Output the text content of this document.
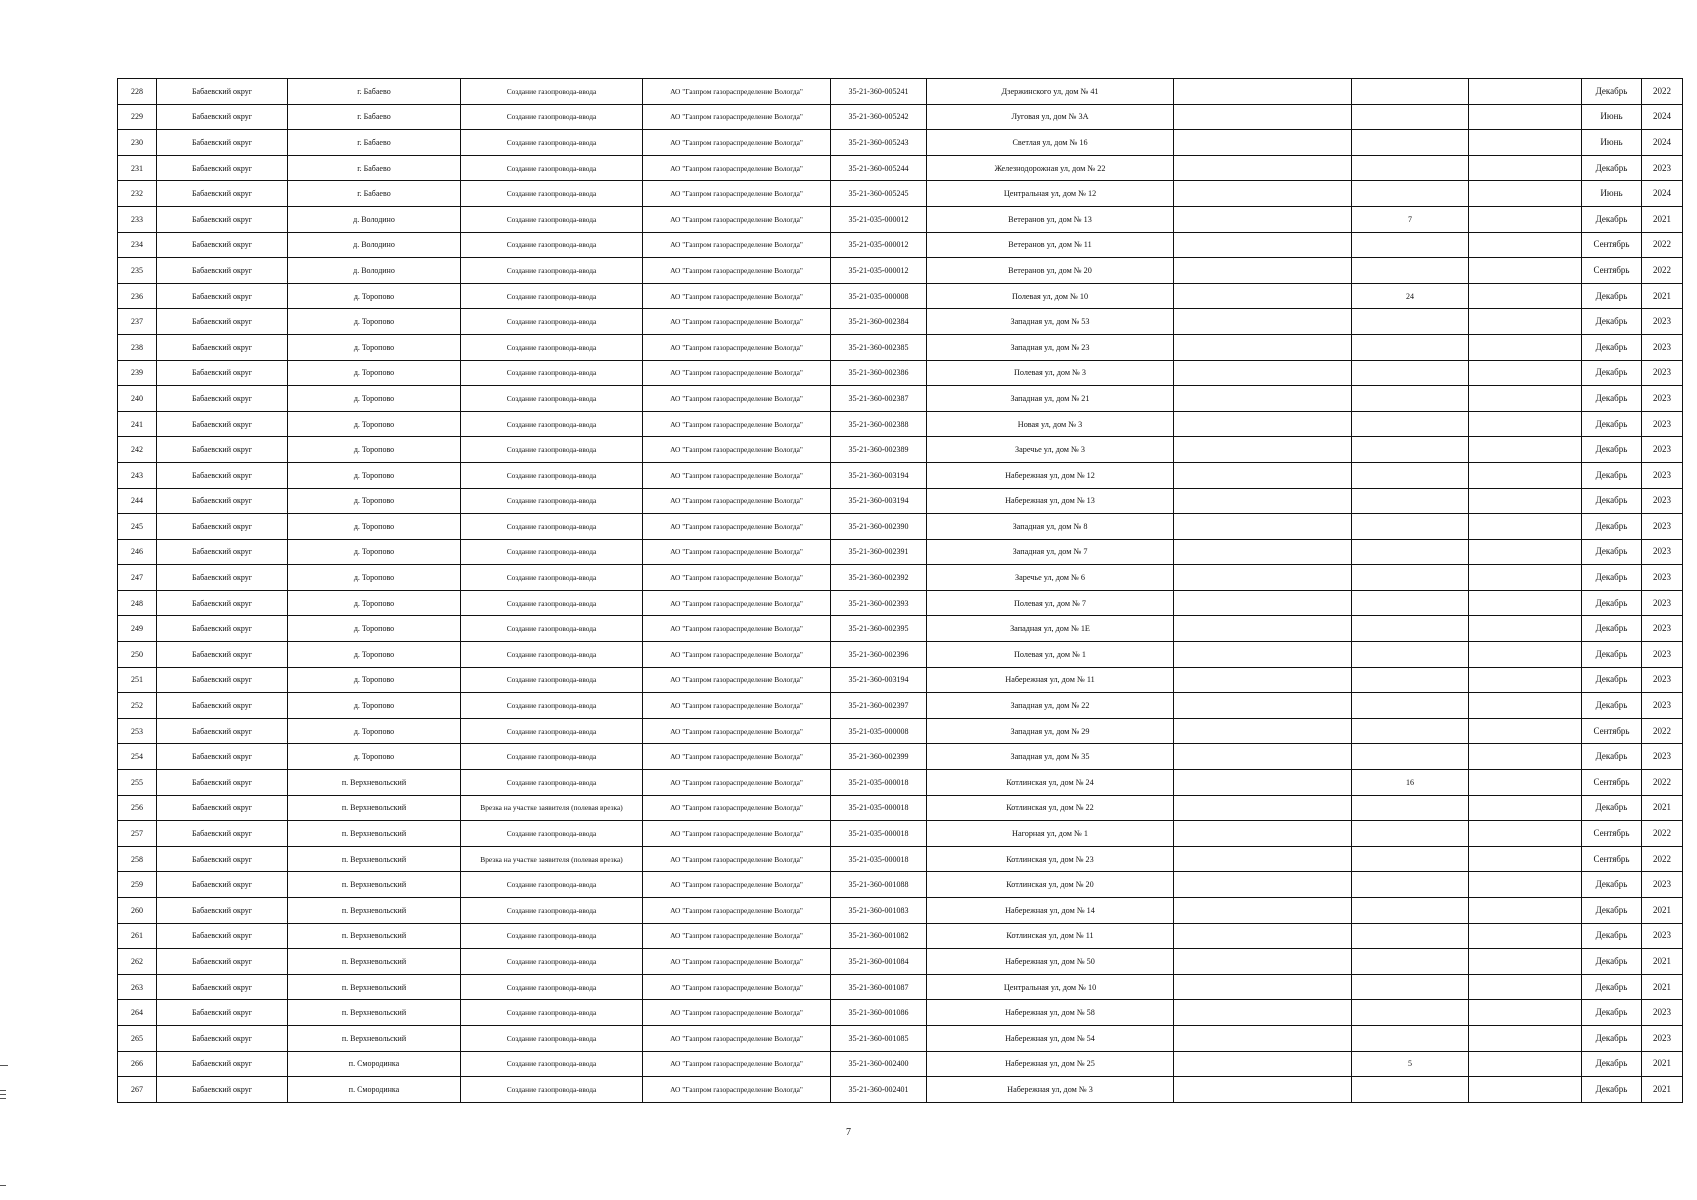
228	Бабаевский округ	г. Бабаево	Создание газопровода-ввода	АО "Газпром газораспределение Вологда"	35-21-360-005241	Дзержинского ул, дом № 41				Декабрь	2022
229	Бабаевский округ	г. Бабаево	Создание газопровода-ввода	АО "Газпром газораспределение Вологда"	35-21-360-005242	Луговая ул, дом № 3А				Июнь	2024
230	Бабаевский округ	г. Бабаево	Создание газопровода-ввода	АО "Газпром газораспределение Вологда"	35-21-360-005243	Светлая ул, дом № 16				Июнь	2024
231	Бабаевский округ	г. Бабаево	Создание газопровода-ввода	АО "Газпром газораспределение Вологда"	35-21-360-005244	Железнодорожная ул, дом № 22				Декабрь	2023
232	Бабаевский округ	г. Бабаево	Создание газопровода-ввода	АО "Газпром газораспределение Вологда"	35-21-360-005245	Центральная ул, дом № 12				Июнь	2024
233	Бабаевский округ	д. Володино	Создание газопровода-ввода	АО "Газпром газораспределение Вологда"	35-21-035-000012	Ветеранов ул, дом № 13		7		Декабрь	2021
234	Бабаевский округ	д. Володино	Создание газопровода-ввода	АО "Газпром газораспределение Вологда"	35-21-035-000012	Ветеранов ул, дом № 11				Сентябрь	2022
235	Бабаевский округ	д. Володино	Создание газопровода-ввода	АО "Газпром газораспределение Вологда"	35-21-035-000012	Ветеранов ул, дом № 20				Сентябрь	2022
236	Бабаевский округ	д. Торопово	Создание газопровода-ввода	АО "Газпром газораспределение Вологда"	35-21-035-000008	Полевая ул, дом № 10		24		Декабрь	2021
237	Бабаевский округ	д. Торопово	Создание газопровода-ввода	АО "Газпром газораспределение Вологда"	35-21-360-002384	Западная ул, дом № 53				Декабрь	2023
238	Бабаевский округ	д. Торопово	Создание газопровода-ввода	АО "Газпром газораспределение Вологда"	35-21-360-002385	Западная ул, дом № 23				Декабрь	2023
239	Бабаевский округ	д. Торопово	Создание газопровода-ввода	АО "Газпром газораспределение Вологда"	35-21-360-002386	Полевая ул, дом № 3				Декабрь	2023
240	Бабаевский округ	д. Торопово	Создание газопровода-ввода	АО "Газпром газораспределение Вологда"	35-21-360-002387	Западная ул, дом № 21				Декабрь	2023
241	Бабаевский округ	д. Торопово	Создание газопровода-ввода	АО "Газпром газораспределение Вологда"	35-21-360-002388	Новая ул, дом № 3				Декабрь	2023
242	Бабаевский округ	д. Торопово	Создание газопровода-ввода	АО "Газпром газораспределение Вологда"	35-21-360-002389	Заречье ул, дом № 3				Декабрь	2023
243	Бабаевский округ	д. Торопово	Создание газопровода-ввода	АО "Газпром газораспределение Вологда"	35-21-360-003194	Набережная ул, дом № 12				Декабрь	2023
244	Бабаевский округ	д. Торопово	Создание газопровода-ввода	АО "Газпром газораспределение Вологда"	35-21-360-003194	Набережная ул, дом № 13				Декабрь	2023
245	Бабаевский округ	д. Торопово	Создание газопровода-ввода	АО "Газпром газораспределение Вологда"	35-21-360-002390	Западная ул, дом № 8				Декабрь	2023
246	Бабаевский округ	д. Торопово	Создание газопровода-ввода	АО "Газпром газораспределение Вологда"	35-21-360-002391	Западная ул, дом № 7				Декабрь	2023
247	Бабаевский округ	д. Торопово	Создание газопровода-ввода	АО "Газпром газораспределение Вологда"	35-21-360-002392	Заречье ул, дом № 6				Декабрь	2023
248	Бабаевский округ	д. Торопово	Создание газопровода-ввода	АО "Газпром газораспределение Вологда"	35-21-360-002393	Полевая ул, дом № 7				Декабрь	2023
249	Бабаевский округ	д. Торопово	Создание газопровода-ввода	АО "Газпром газораспределение Вологда"	35-21-360-002395	Западная ул, дом № 1Е				Декабрь	2023
250	Бабаевский округ	д. Торопово	Создание газопровода-ввода	АО "Газпром газораспределение Вологда"	35-21-360-002396	Полевая ул, дом № 1				Декабрь	2023
251	Бабаевский округ	д. Торопово	Создание газопровода-ввода	АО "Газпром газораспределение Вологда"	35-21-360-003194	Набережная ул, дом № 11				Декабрь	2023
252	Бабаевский округ	д. Торопово	Создание газопровода-ввода	АО "Газпром газораспределение Вологда"	35-21-360-002397	Западная ул, дом № 22				Декабрь	2023
253	Бабаевский округ	д. Торопово	Создание газопровода-ввода	АО "Газпром газораспределение Вологда"	35-21-035-000008	Западная ул, дом № 29				Сентябрь	2022
254	Бабаевский округ	д. Торопово	Создание газопровода-ввода	АО "Газпром газораспределение Вологда"	35-21-360-002399	Западная ул, дом № 35				Декабрь	2023
255	Бабаевский округ	п. Верхневольский	Создание газопровода-ввода	АО "Газпром газораспределение Вологда"	35-21-035-000018	Котлинская ул, дом № 24		16		Сентябрь	2022
256	Бабаевский округ	п. Верхневольский	Врезка на участке заявителя (полевая врезка)	АО "Газпром газораспределение Вологда"	35-21-035-000018	Котлинская ул, дом № 22				Декабрь	2021
257	Бабаевский округ	п. Верхневольский	Создание газопровода-ввода	АО "Газпром газораспределение Вологда"	35-21-035-000018	Нагорная ул, дом № 1				Сентябрь	2022
258	Бабаевский округ	п. Верхневольский	Врезка на участке заявителя (полевая врезка)	АО "Газпром газораспределение Вологда"	35-21-035-000018	Котлинская ул, дом № 23				Сентябрь	2022
259	Бабаевский округ	п. Верхневольский	Создание газопровода-ввода	АО "Газпром газораспределение Вологда"	35-21-360-001088	Котлинская ул, дом № 20				Декабрь	2023
260	Бабаевский округ	п. Верхневольский	Создание газопровода-ввода	АО "Газпром газораспределение Вологда"	35-21-360-001083	Набережная ул, дом № 14				Декабрь	2021
261	Бабаевский округ	п. Верхневольский	Создание газопровода-ввода	АО "Газпром газораспределение Вологда"	35-21-360-001082	Котлинская ул, дом № 11				Декабрь	2023
262	Бабаевский округ	п. Верхневольский	Создание газопровода-ввода	АО "Газпром газораспределение Вологда"	35-21-360-001084	Набережная ул, дом № 50				Декабрь	2021
263	Бабаевский округ	п. Верхневольский	Создание газопровода-ввода	АО "Газпром газораспределение Вологда"	35-21-360-001087	Центральная ул, дом № 10				Декабрь	2021
264	Бабаевский округ	п. Верхневольский	Создание газопровода-ввода	АО "Газпром газораспределение Вологда"	35-21-360-001086	Набережная ул, дом № 58				Декабрь	2023
265	Бабаевский округ	п. Верхневольский	Создание газопровода-ввода	АО "Газпром газораспределение Вологда"	35-21-360-001085	Набережная ул, дом № 54				Декабрь	2023
266	Бабаевский округ	п. Смородинка	Создание газопровода-ввода	АО "Газпром газораспределение Вологда"	35-21-360-002400	Набережная ул, дом № 25		5		Декабрь	2021
267	Бабаевский округ	п. Смородинка	Создание газопровода-ввода	АО "Газпром газораспределение Вологда"	35-21-360-002401	Набережная ул, дом № 3				Декабрь	2021
7
